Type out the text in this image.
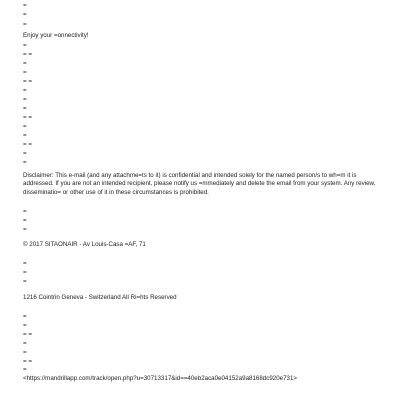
=
=
=
Enjoy your =onnectivity!
=
= =
=
=
= =
=
=
=
= =
=
=
= =
=
=
Disclaimer: This e-mail (and any attachme=ts to it) is confidential and intended solely for the named person/s to wh=m it is addressed. If you are not an intended recipient, please notify us =mmediately and delete the email from your system. Any review, disseminatio= or other use of it in these circumstances is prohibited.
=
=
=
© 2017 SITAONAIR - Av Louis-Casa =AF, 71
=
=
=
1216 Cointrin Geneva - Switzerland All Ri=hts Reserved
=
=
= =
=
=
= =
=
<https://mandrillapp.com/track/open.php?u=30713317&id==40eb2aca0e04152a9a8168dc920e731>
